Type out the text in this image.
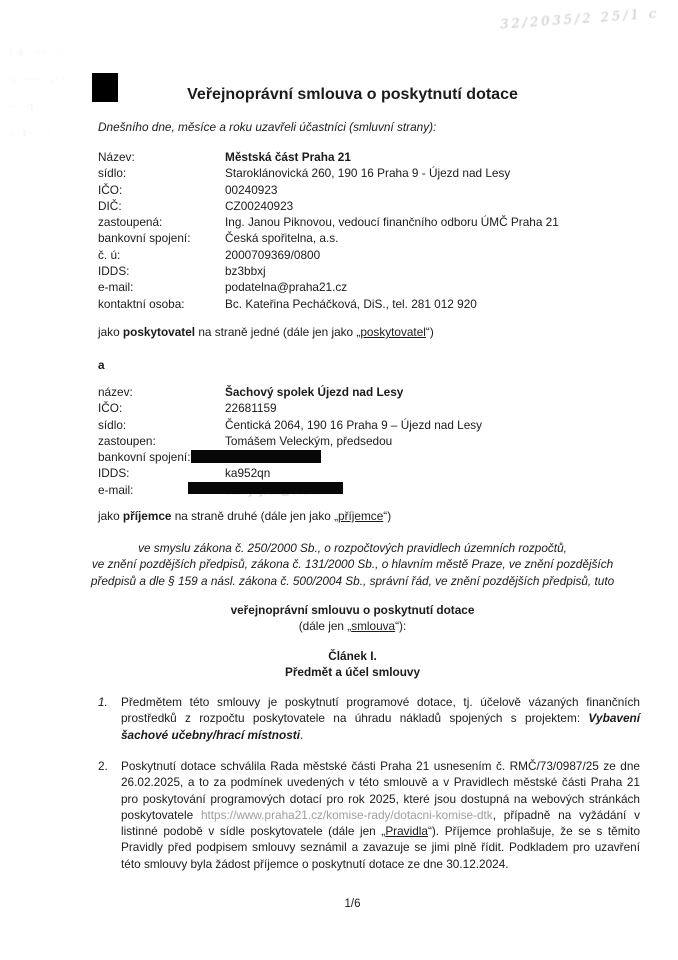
32/2035/2 25/1 c

: ·¦·  ·:·:  ··

·;  ····:·  ;· ·

··  ·:¦  ·` ··

:·  ¦···  ··

Veřejnoprávní smlouva o poskytnutí dotace
Dnešního dne, měsíce a roku uzavřeli účastníci (smluvní strany):
Název:	Městská část Praha 21
sídlo:	Staroklánovická 260, 190 16 Praha 9 - Újezd nad Lesy
IČO:	00240923
DIČ:	CZ00240923
zastoupená:	Ing. Janou Piknovou, vedoucí finančního odboru ÚMČ Praha 21
bankovní spojení:	Česká spořitelna, a.s.
č. ú:	2000709369/0800
IDDS:	bz3bbxj
e-mail:	podatelna@praha21.cz
kontaktní osoba:	Bc. Kateřina Pecháčková, DiS., tel. 281 012 920
jako poskytovatel na straně jedné (dále jen jako „poskytovatel“)
a
název:	Šachový spolek Újezd nad Lesy
IČO:	22681159
sídlo:	Čentická 2064, 190 16 Praha 9 – Újezd nad Lesy
zastoupen:	Tomášem Veleckým, předsedou
bankovní spojení:
IDDS:	ka952qn
e-mail:
jako příjemce na straně druhé (dále jen jako „příjemce“)
ve smyslu zákona č. 250/2000 Sb., o rozpočtových pravidlech územních rozpočtů,
ve znění pozdějších předpisů, zákona č. 131/2000 Sb., o hlavním městě Praze, ve znění pozdějších
předpisů a dle § 159 a násl. zákona č. 500/2004 Sb., správní řád, ve znění pozdějších předpisů, tuto
veřejnoprávní smlouvu o poskytnutí dotace
(dále jen „smlouva“):
Článek I.
Předmět a účel smlouvy
1.	Předmětem této smlouvy je poskytnutí programové dotace, tj. účelově vázaných finančních prostředků z rozpočtu poskytovatele na úhradu nákladů spojených s projektem: Vybavení šachové učebny/hrací místnosti.
2.	Poskytnutí dotace schválila Rada městské části Praha 21 usnesením č. RMČ/73/0987/25 ze dne 26.02.2025, a to za podmínek uvedených v této smlouvě a v Pravidlech městské části Praha 21 pro poskytování programových dotací pro rok 2025, které jsou dostupná na webových stránkách poskytovatele https://www.praha21.cz/komise-rady/dotacni-komise-dtk, případně na vyžádání v listinné podobě v sídle poskytovatele (dále jen „Pravidla“). Příjemce prohlašuje, že se s těmito Pravidly před podpisem smlouvy seznámil a zavazuje se jimi plně řídit. Podkladem pro uzavření této smlouvy byla žádost příjemce o poskytnutí dotace ze dne 30.12.2024.
1/6
